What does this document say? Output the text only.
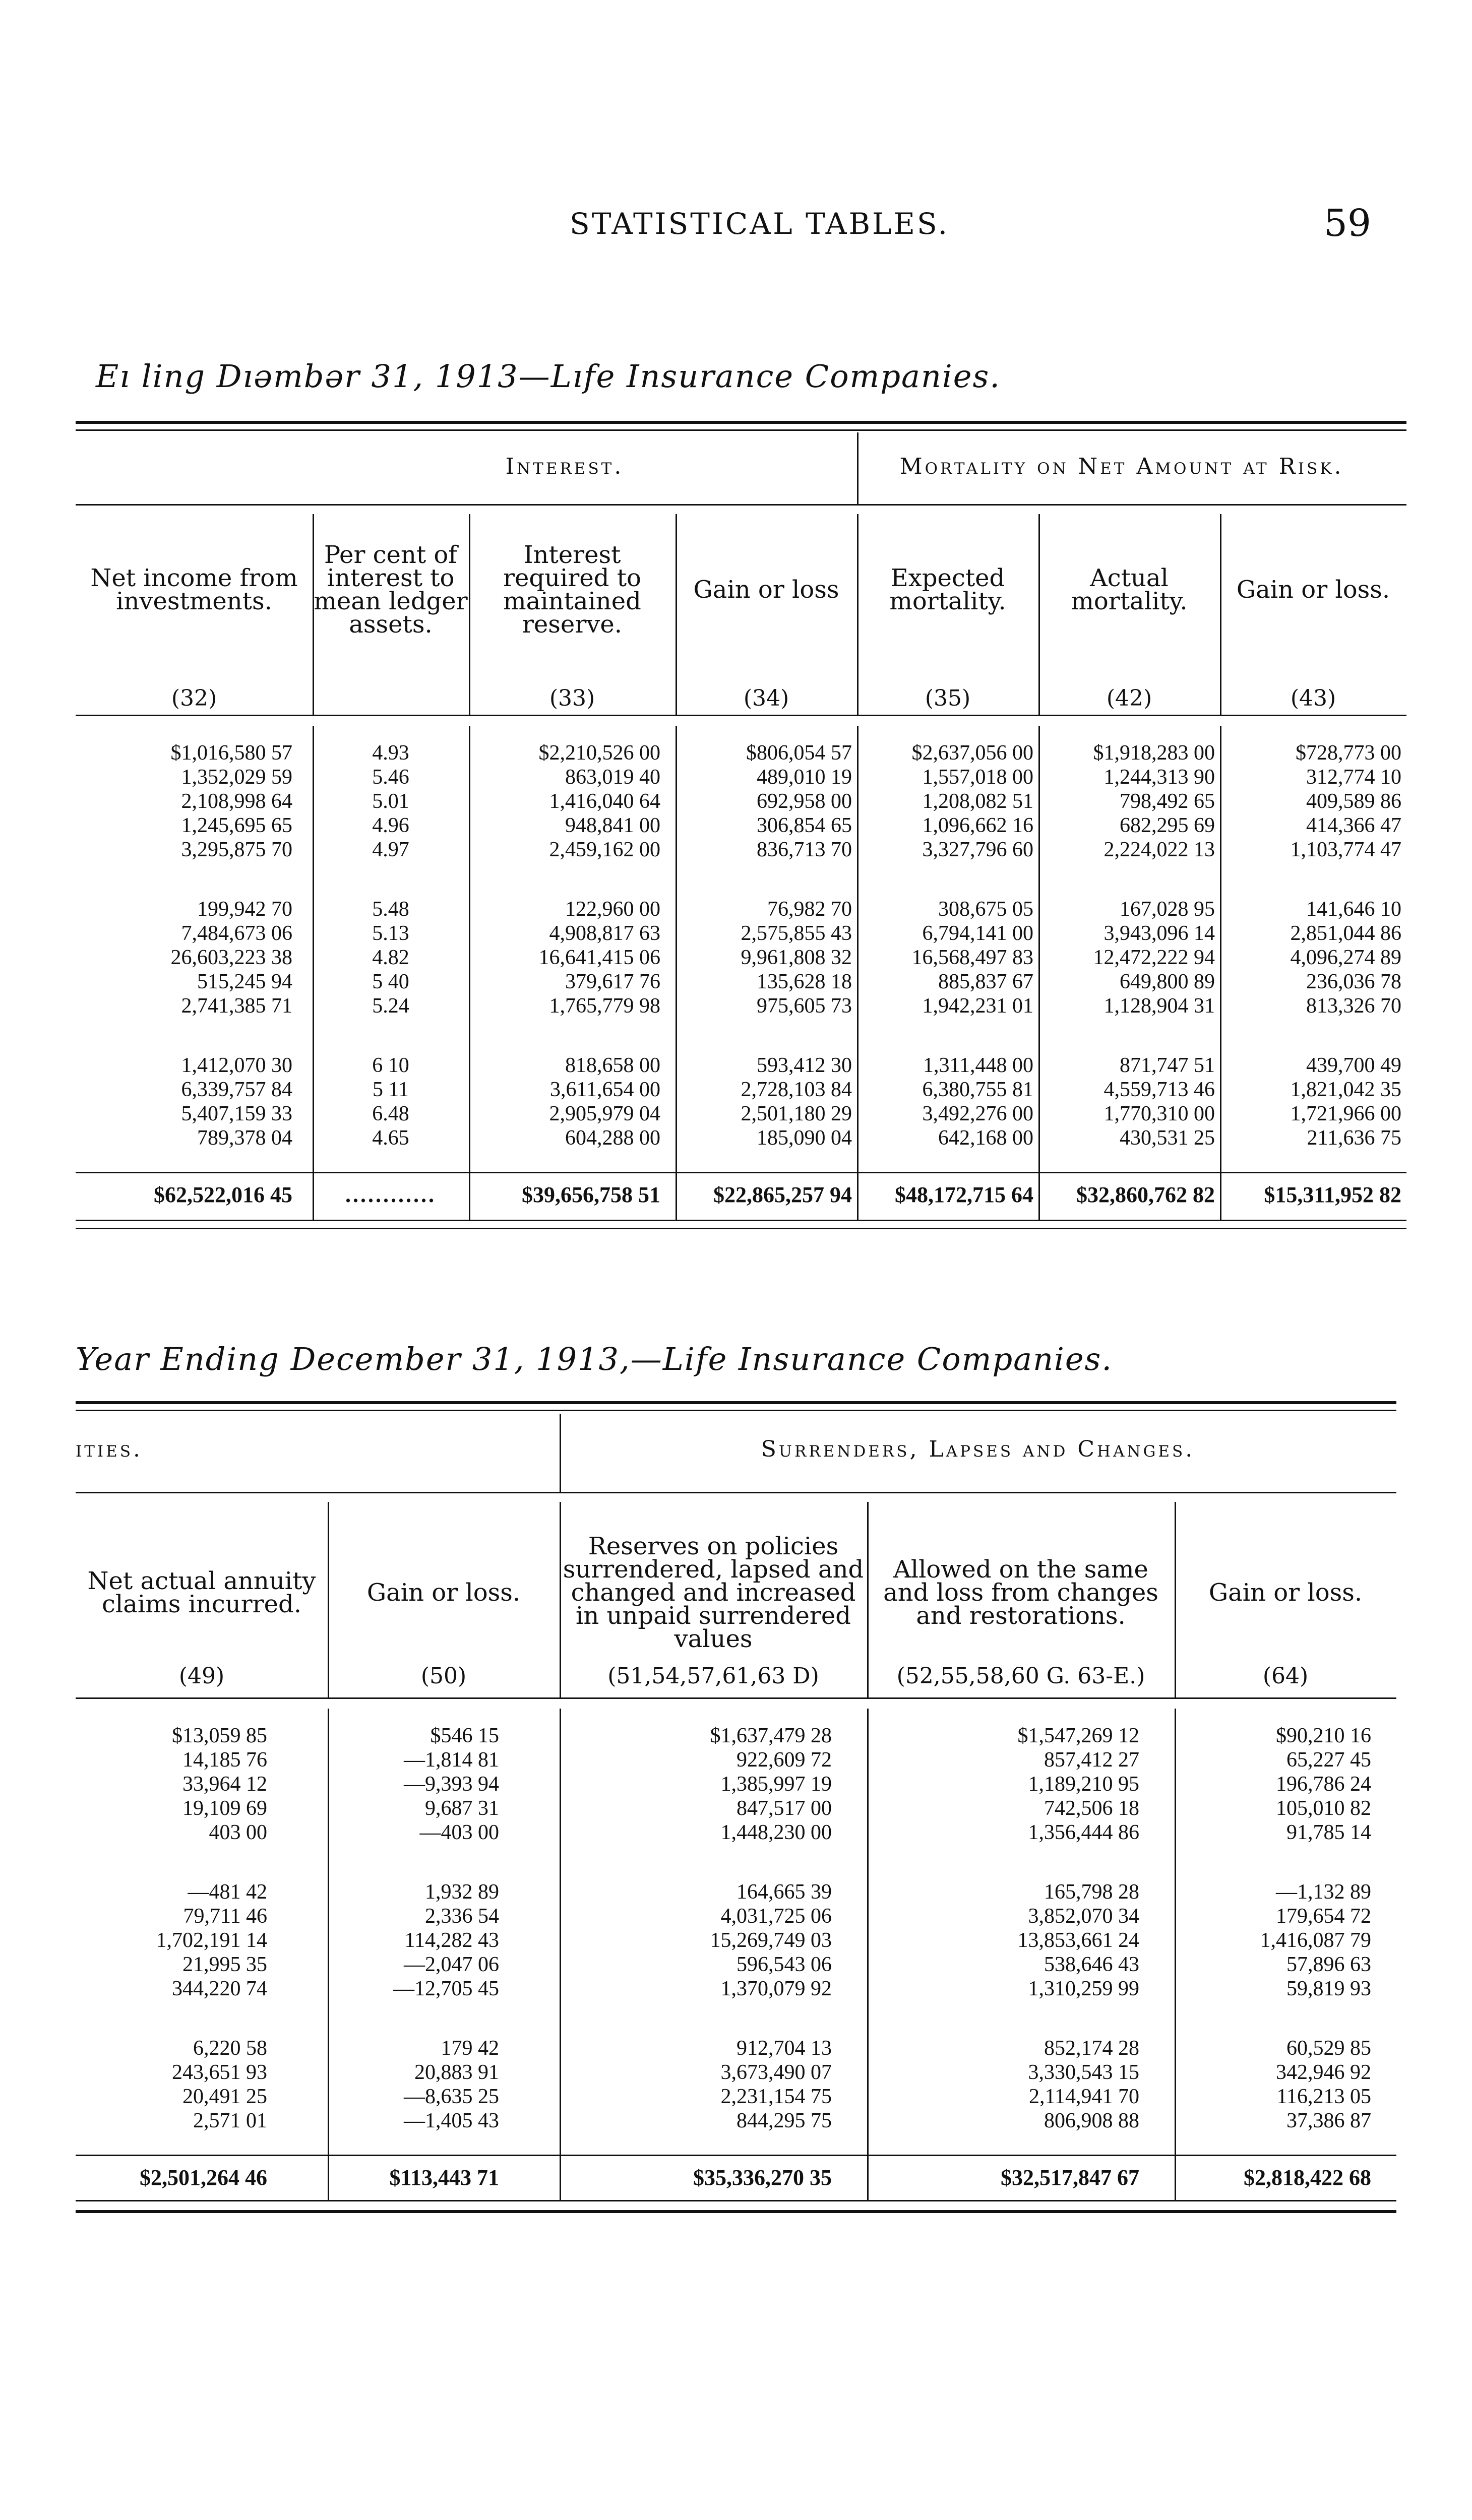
STATISTICAL TABLES.	59
Eı ling Dıəmbər 31, 1913—Lıfe Insurance Companies.
Interest.	Mortality on Net Amount at Risk.
Net income from investments.
(32)
Per cent of interest to mean ledger assets.
Interest required to maintained reserve.
(33)
Gain or loss
(34)
Expected mortality.
(35)
Actual mortality.
(42)
Gain or loss.
(43)
$1,016,580 57	4.93	$2,210,526 00	$806,054 57	$2,637,056 00	$1,918,283 00	$728,773 00
1,352,029 59	5.46	863,019 40	489,010 19	1,557,018 00	1,244,313 90	312,774 10
2,108,998 64	5.01	1,416,040 64	692,958 00	1,208,082 51	798,492 65	409,589 86
1,245,695 65	4.96	948,841 00	306,854 65	1,096,662 16	682,295 69	414,366 47
3,295,875 70	4.97	2,459,162 00	836,713 70	3,327,796 60	2,224,022 13	1,103,774 47
199,942 70	5.48	122,960 00	76,982 70	308,675 05	167,028 95	141,646 10
7,484,673 06	5.13	4,908,817 63	2,575,855 43	6,794,141 00	3,943,096 14	2,851,044 86
26,603,223 38	4.82	16,641,415 06	9,961,808 32	16,568,497 83	12,472,222 94	4,096,274 89
515,245 94	5 40	379,617 76	135,628 18	885,837 67	649,800 89	236,036 78
2,741,385 71	5.24	1,765,779 98	975,605 73	1,942,231 01	1,128,904 31	813,326 70
1,412,070 30	6 10	818,658 00	593,412 30	1,311,448 00	871,747 51	439,700 49
6,339,757 84	5 11	3,611,654 00	2,728,103 84	6,380,755 81	4,559,713 46	1,821,042 35
5,407,159 33	6.48	2,905,979 04	2,501,180 29	3,492,276 00	1,770,310 00	1,721,966 00
789,378 04	4.65	604,288 00	185,090 04	642,168 00	430,531 25	211,636 75
$62,522,016 45	............	$39,656,758 51	$22,865,257 94	$48,172,715 64	$32,860,762 82	$15,311,952 82
Year Ending December 31, 1913,—Life Insurance Companies.
ities.	Surrenders, Lapses and Changes.
Net actual annuity claims incurred.
(49)
Gain or loss.
(50)
Reserves on policies surrendered, lapsed and changed and increased in unpaid surrendered values
(51,54,57,61,63 D)
Allowed on the same and loss from changes and restorations.
(52,55,58,60 G. 63-E.)
Gain or loss.
(64)
$13,059 85	$546 15	$1,637,479 28	$1,547,269 12	$90,210 16
14,185 76	—1,814 81	922,609 72	857,412 27	65,227 45
33,964 12	—9,393 94	1,385,997 19	1,189,210 95	196,786 24
19,109 69	9,687 31	847,517 00	742,506 18	105,010 82
403 00	—403 00	1,448,230 00	1,356,444 86	91,785 14
—481 42	1,932 89	164,665 39	165,798 28	—1,132 89
79,711 46	2,336 54	4,031,725 06	3,852,070 34	179,654 72
1,702,191 14	114,282 43	15,269,749 03	13,853,661 24	1,416,087 79
21,995 35	—2,047 06	596,543 06	538,646 43	57,896 63
344,220 74	—12,705 45	1,370,079 92	1,310,259 99	59,819 93
6,220 58	179 42	912,704 13	852,174 28	60,529 85
243,651 93	20,883 91	3,673,490 07	3,330,543 15	342,946 92
20,491 25	—8,635 25	2,231,154 75	2,114,941 70	116,213 05
2,571 01	—1,405 43	844,295 75	806,908 88	37,386 87
$2,501,264 46	$113,443 71	$35,336,270 35	$32,517,847 67	$2,818,422 68
